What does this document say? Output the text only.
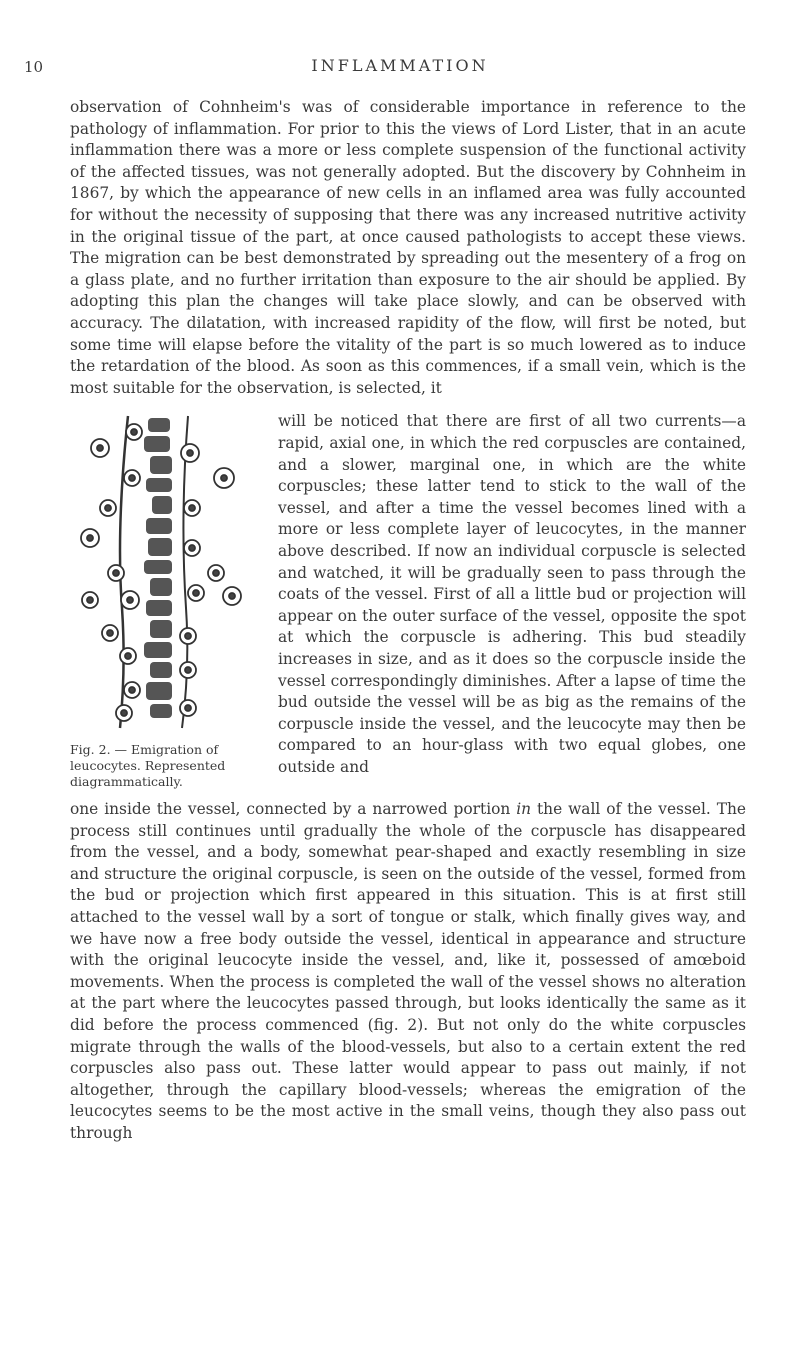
10	INFLAMMATION

observation of Cohnheim's was of considerable importance in reference to the pathology of inflammation. For prior to this the views of Lord Lister, that in an acute inflammation there was a more or less complete suspension of the functional activity of the affected tissues, was not generally adopted. But the discovery by Cohnheim in 1867, by which the appearance of new cells in an inflamed area was fully accounted for without the necessity of supposing that there was any increased nutritive activity in the original tissue of the part, at once caused pathologists to accept these views. The migration can be best demonstrated by spreading out the mesentery of a frog on a glass plate, and no further irritation than exposure to the air should be applied. By adopting this plan the changes will take place slowly, and can be observed with accuracy. The dilatation, with increased rapidity of the flow, will first be noted, but some time will elapse before the vitality of the part is so much lowered as to induce the retardation of the blood. As soon as this commences, if a small vein, which is the most suitable for the observation, is selected, it

Fig. 2. — Emigration of leucocytes. Represented diagrammatically.

will be noticed that there are first of all two currents—a rapid, axial one, in which the red corpuscles are contained, and a slower, marginal one, in which are the white corpuscles; these latter tend to stick to the wall of the vessel, and after a time the vessel becomes lined with a more or less complete layer of leucocytes, in the manner above described. If now an individual corpuscle is selected and watched, it will be gradually seen to pass through the coats of the vessel. First of all a little bud or projection will appear on the outer surface of the vessel, opposite the spot at which the corpuscle is adhering. This bud steadily increases in size, and as it does so the corpuscle inside the vessel correspondingly diminishes. After a lapse of time the bud outside the vessel will be as big as the remains of the corpuscle inside the vessel, and the leucocyte may then be compared to an hour-glass with two equal globes, one outside and

one inside the vessel, connected by a narrowed portion in the wall of the vessel. The process still continues until gradually the whole of the corpuscle has disappeared from the vessel, and a body, somewhat pear-shaped and exactly resembling in size and structure the original corpuscle, is seen on the outside of the vessel, formed from the bud or projection which first appeared in this situation. This is at first still attached to the vessel wall by a sort of tongue or stalk, which finally gives way, and we have now a free body outside the vessel, identical in appearance and structure with the original leucocyte inside the vessel, and, like it, possessed of amœboid movements. When the process is completed the wall of the vessel shows no alteration at the part where the leucocytes passed through, but looks identically the same as it did before the process commenced (fig. 2). But not only do the white corpuscles migrate through the walls of the blood-vessels, but also to a certain extent the red corpuscles also pass out. These latter would appear to pass out mainly, if not altogether, through the capillary blood-vessels; whereas the emigration of the leucocytes seems to be the most active in the small veins, though they also pass out through
